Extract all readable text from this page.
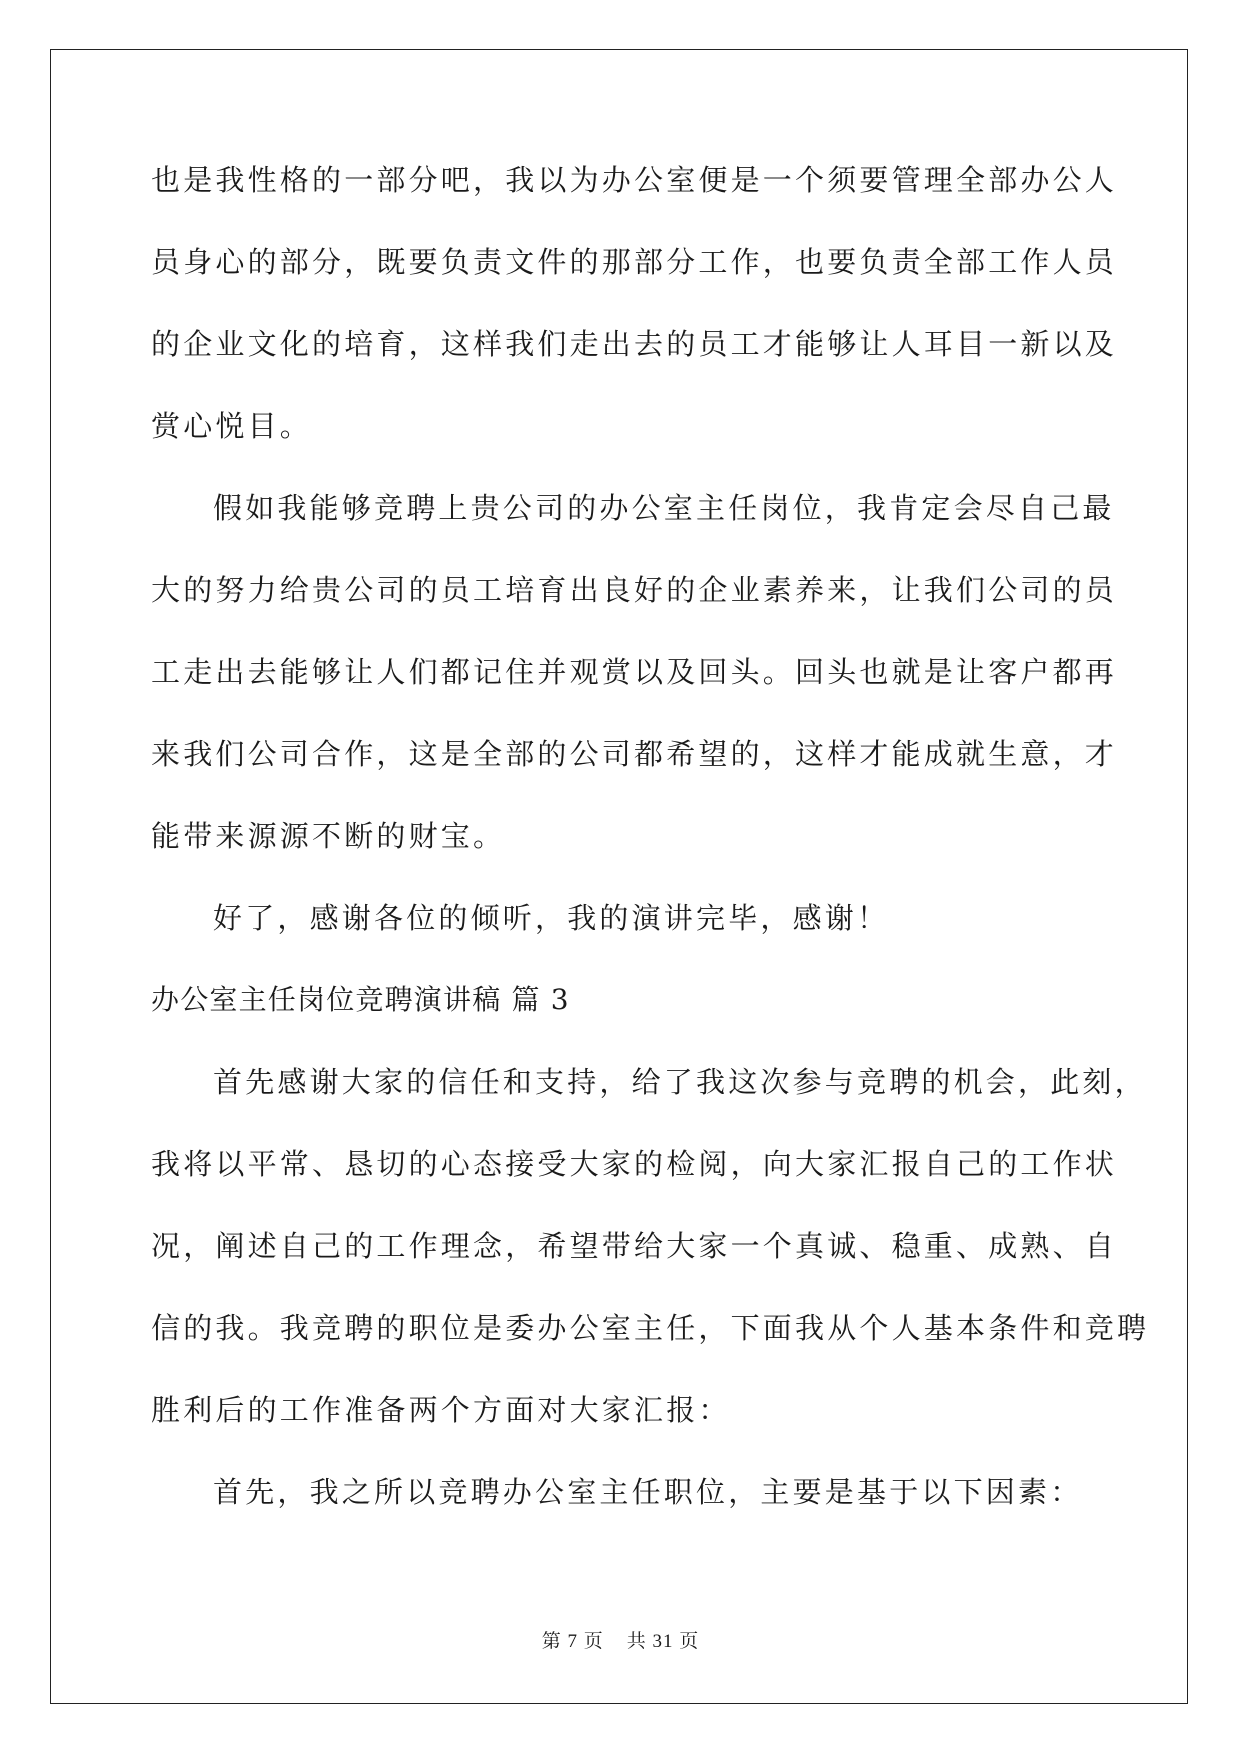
也是我性格的一部分吧，我以为办公室便是一个须要管理全部办公人
员身心的部分，既要负责文件的那部分工作，也要负责全部工作人员
的企业文化的培育，这样我们走出去的员工才能够让人耳目一新以及
赏心悦目。
假如我能够竞聘上贵公司的办公室主任岗位，我肯定会尽自己最
大的努力给贵公司的员工培育出良好的企业素养来，让我们公司的员
工走出去能够让人们都记住并观赏以及回头。回头也就是让客户都再
来我们公司合作，这是全部的公司都希望的，这样才能成就生意，才
能带来源源不断的财宝。
好了，感谢各位的倾听，我的演讲完毕，感谢！
办公室主任岗位竞聘演讲稿 篇 3
首先感谢大家的信任和支持，给了我这次参与竞聘的机会，此刻，
我将以平常、恳切的心态接受大家的检阅，向大家汇报自己的工作状
况，阐述自己的工作理念，希望带给大家一个真诚、稳重、成熟、自
信的我。我竞聘的职位是委办公室主任，下面我从个人基本条件和竞聘
胜利后的工作准备两个方面对大家汇报：
首先，我之所以竞聘办公室主任职位，主要是基于以下因素：
第 7 页    共 31 页
